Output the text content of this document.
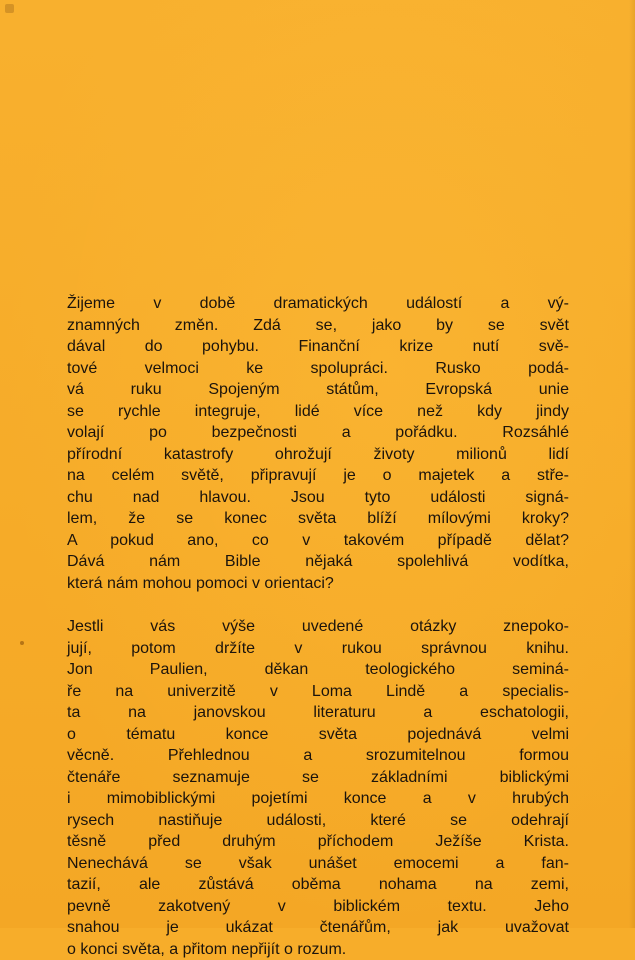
Žijeme v době dramatických událostí a vý-
znamných změn. Zdá se, jako by se svět
dával do pohybu. Finanční krize nutí svě-
tové velmoci ke spolupráci. Rusko podá-
vá ruku Spojeným státům, Evropská unie
se rychle integruje, lidé více než kdy jindy
volají po bezpečnosti a pořádku. Rozsáhlé
přírodní katastrofy ohrožují životy milionů lidí
na celém světě, připravují je o majetek a stře-
chu nad hlavou. Jsou tyto události signá-
lem, že se konec světa blíží mílovými kroky?
A pokud ano, co v takovém případě dělat?
Dává nám Bible nějaká spolehlivá vodítka,
která nám mohou pomoci v orientaci?

Jestli vás výše uvedené otázky znepoko-
jují, potom držíte v rukou správnou knihu.
Jon Paulien, děkan teologického seminá-
ře na univerzitě v Loma Lindě a specialis-
ta na janovskou literaturu a eschatologii,
o tématu konce světa pojednává velmi
věcně. Přehlednou a srozumitelnou formou
čtenáře seznamuje se základními biblickými
i mimobiblickými pojetími konce a v hrubých
rysech nastiňuje události, které se odehrají
těsně před druhým příchodem Ježíše Krista.
Nenechává se však unášet emocemi a fan-
tazií, ale zůstává oběma nohama na zemi,
pevně zakotvený v biblickém textu. Jeho
snahou je ukázat čtenářům, jak uvažovat
o konci světa, a přitom nepřijít o rozum.
